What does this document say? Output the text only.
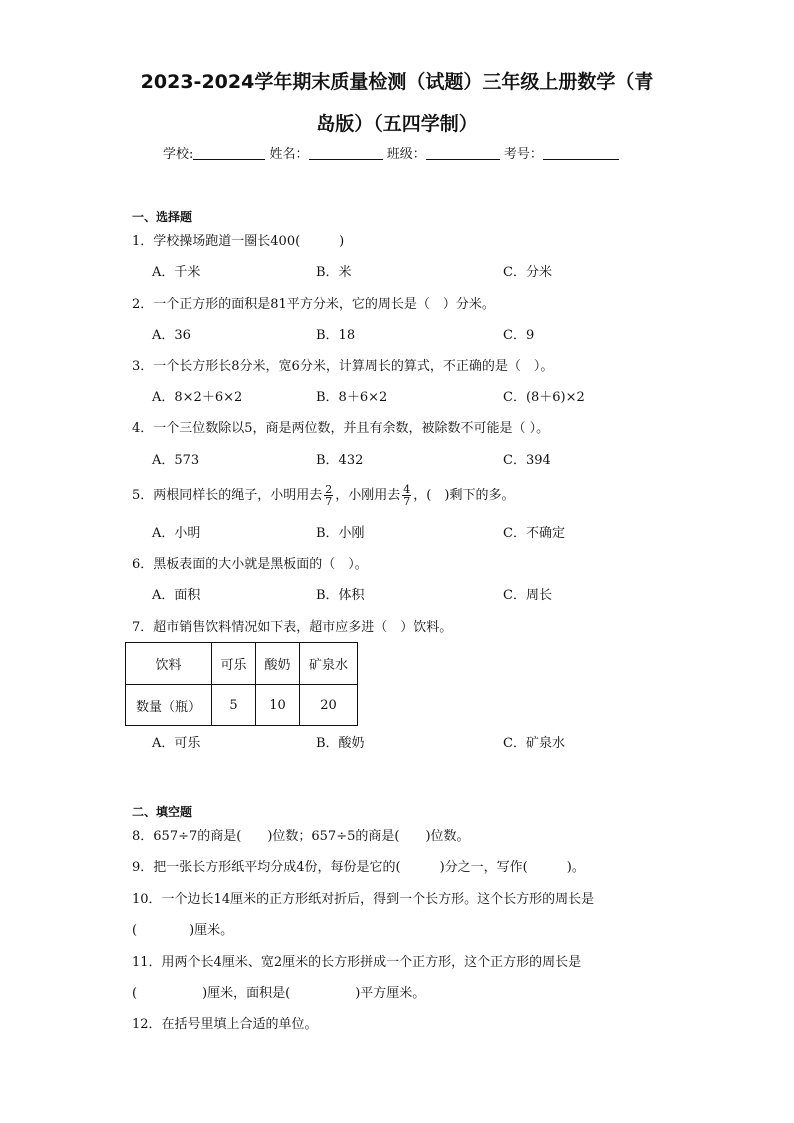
2023-2024学年期末质量检测（试题）三年级上册数学（青
岛版）（五四学制）
学校:	姓名：	班级：	考号：
一、选择题
1．学校操场跑道一圈长400(　　　)
A．千米	B．米	C．分米
2．一个正方形的面积是81平方分米，它的周长是（　）分米。
A．36	B．18	C．9
3．一个长方形长8分米，宽6分米，计算周长的算式，不正确的是（　）。
A．8×2＋6×2	B．8＋6×2	C．(8＋6)×2
4．一个三位数除以5，商是两位数，并且有余数，被除数不可能是（ ）。
A．573	B．432	C．394
5．两根同样长的绳子，小明用去 $\frac{2}{7}$ ，小刚用去 $\frac{4}{7}$ ，(　)剩下的多。
A．小明	B．小刚	C．不确定
6．黑板表面的大小就是黑板面的（　）。
A．面积	B．体积	C．周长
7．超市销售饮料情况如下表，超市应多进（　）饮料。
饮料	可乐	酸奶	矿泉水
数量（瓶）	5	10	20
A．可乐	B．酸奶	C．矿泉水
二、填空题
8．657÷7的商是(　　)位数；657÷5的商是(　　)位数。
9．把一张长方形纸平均分成4份，每份是它的(　　　)分之一，写作(　　　)。
10．一个边长14厘米的正方形纸对折后，得到一个长方形。这个长方形的周长是
(　　　　)厘米。
11．用两个长4厘米、宽2厘米的长方形拼成一个正方形，这个正方形的周长是
(　　　　　)厘米，面积是(　　　　　)平方厘米。
12．在括号里填上合适的单位。
